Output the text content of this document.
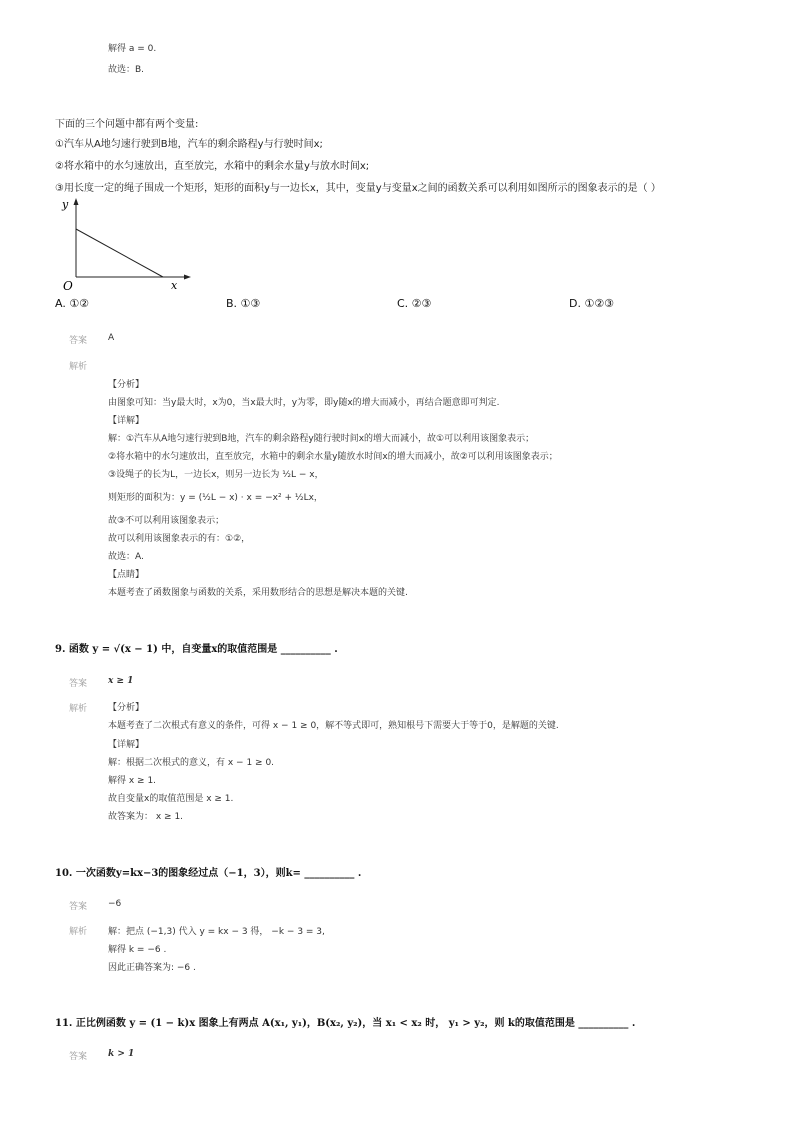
解得 a = 0.
故选：B.
下面的三个问题中都有两个变量:
①汽车从A地匀速行驶到B地，汽车的剩余路程y与行驶时间x;
②将水箱中的水匀速放出，直至放完，水箱中的剩余水量y与放水时间x;
③用长度一定的绳子围成一个矩形，矩形的面积y与一边长x，其中，变量y与变量x之间的函数关系可以利用如图所示的图象表示的是（ ）
y
x
O
A. ①②	B. ①③	C. ②③	D. ①②③
答案 A
解析
【分析】
由图象可知：当y最大时，x为0，当x最大时，y为零，即y随x的增大而减小，再结合题意即可判定.
【详解】
解：①汽车从A地匀速行驶到B地，汽车的剩余路程y随行驶时间x的增大而减小，故①可以利用该图象表示；
②将水箱中的水匀速放出，直至放完，水箱中的剩余水量y随放水时间x的增大而减小，故②可以利用该图象表示；
③设绳子的长为L，一边长x，则另一边长为 ½L − x，
则矩形的面积为：y = (½L − x) · x = −x² + ½Lx，
故③不可以利用该图象表示；
故可以利用该图象表示的有：①②，
故选：A.
【点睛】
本题考查了函数图象与函数的关系，采用数形结合的思想是解决本题的关键.
9. 函数 y = √(x − 1) 中，自变量x的取值范围是 __________ .
答案 x ≥ 1
解析 【分析】
本题考查了二次根式有意义的条件，可得 x − 1 ≥ 0，解不等式即可，熟知根号下需要大于等于0，是解题的关键.
【详解】
解：根据二次根式的意义，有 x − 1 ≥ 0.
解得 x ≥ 1.
故自变量x的取值范围是 x ≥ 1.
故答案为： x ≥ 1.
10. 一次函数y=kx−3的图象经过点（−1，3），则k= __________ .
答案 −6
解析 解：把点 (−1,3) 代入 y = kx − 3 得， −k − 3 = 3,
解得 k = −6 .
因此正确答案为: −6 .
11. 正比例函数 y = (1 − k)x 图象上有两点 A(x₁, y₁)，B(x₂, y₂)，当 x₁ < x₂ 时， y₁ > y₂，则 k的取值范围是 __________ .
答案 k > 1
